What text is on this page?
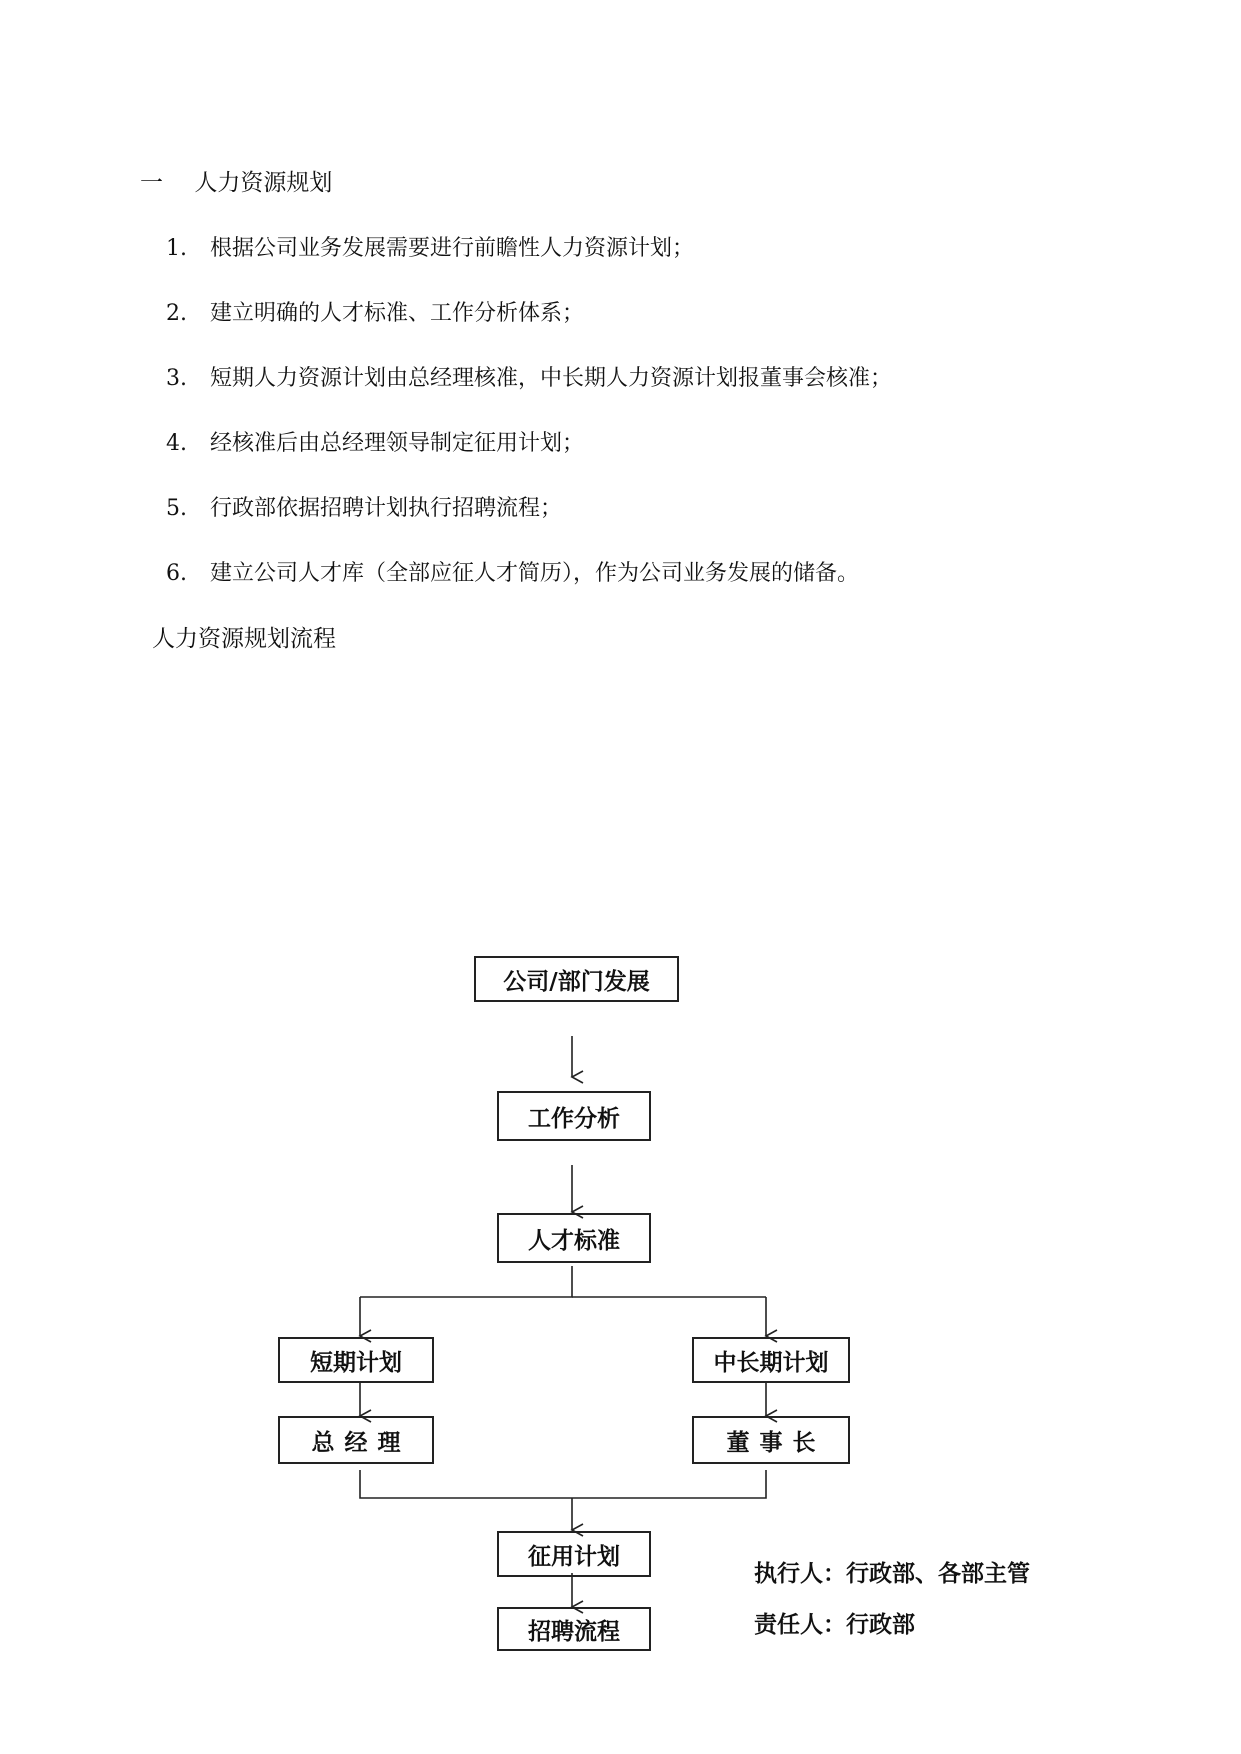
一 人力资源规划
1. 根据公司业务发展需要进行前瞻性人力资源计划；
2. 建立明确的人才标准、工作分析体系；
3. 短期人力资源计划由总经理核准，中长期人力资源计划报董事会核准；
4. 经核准后由总经理领导制定征用计划；
5. 行政部依据招聘计划执行招聘流程；
6. 建立公司人才库（全部应征人才简历），作为公司业务发展的储备。
人力资源规划流程
公司/部门发展
工作分析
人才标准
短期计划	中长期计划
总经理	董事长
征用计划
招聘流程
执行人：行政部、各部主管
责任人：行政部
